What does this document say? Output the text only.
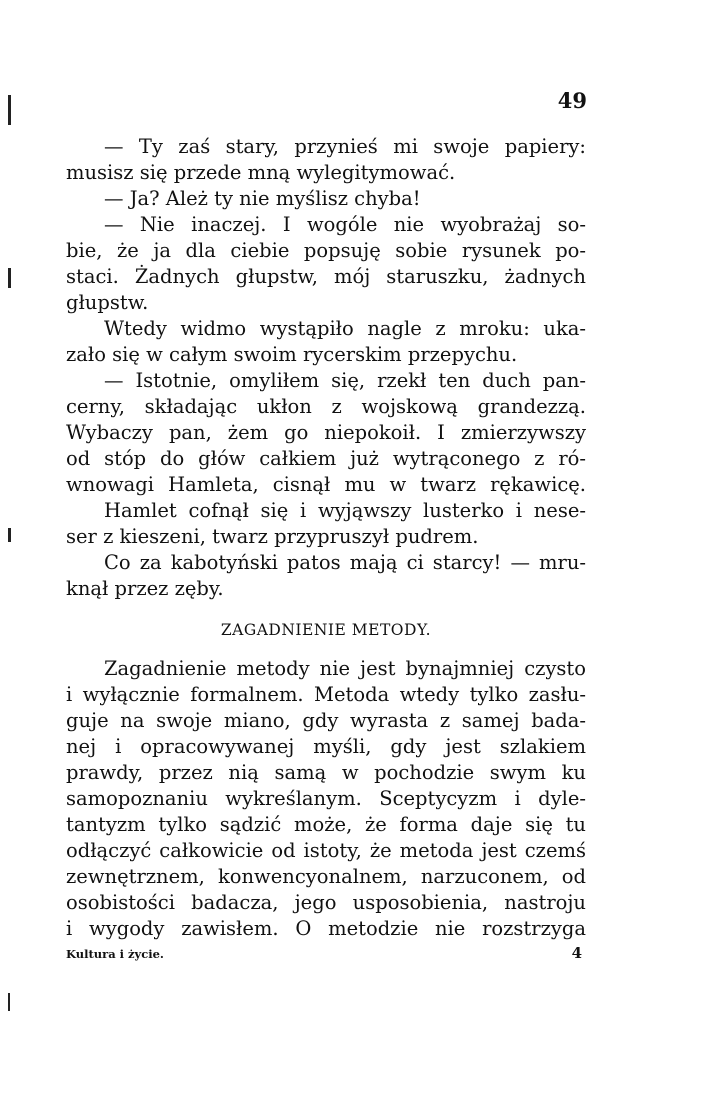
49
— Ty zaś stary, przynieś mi swoje papiery:
musisz się przede mną wylegitymować.
— Ja? Ależ ty nie myślisz chyba!
— Nie inaczej. I wogóle nie wyobrażaj so-
bie, że ja dla ciebie popsuję sobie rysunek po-
staci. Żadnych głupstw, mój staruszku, żadnych
głupstw.
Wtedy widmo wystąpiło nagle z mroku: uka-
zało się w całym swoim rycerskim przepychu.
— Istotnie, omyliłem się, rzekł ten duch pan-
cerny, składając ukłon z wojskową grandezzą.
Wybaczy pan, żem go niepokoił. I zmierzywszy
od stóp do głów całkiem już wytrąconego z ró-
wnowagi Hamleta, cisnął mu w twarz rękawicę.
Hamlet cofnął się i wyjąwszy lusterko i nese-
ser z kieszeni, twarz przypruszył pudrem.
Co za kabotyński patos mają ci starcy! — mru-
knął przez zęby.
ZAGADNIENIE METODY.
Zagadnienie metody nie jest bynajmniej czysto
i wyłącznie formalnem. Metoda wtedy tylko zasłu-
guje na swoje miano, gdy wyrasta z samej bada-
nej i opracowywanej myśli, gdy jest szlakiem
prawdy, przez nią samą w pochodzie swym ku
samopoznaniu wykreślanym. Sceptycyzm i dyle-
tantyzm tylko sądzić może, że forma daje się tu
odłączyć całkowicie od istoty, że metoda jest czemś
zewnętrznem, konwencyonalnem, narzuconem, od
osobistości badacza, jego usposobienia, nastroju
i wygody zawisłem. O metodzie nie rozstrzyga
Kultura i życie.	4
